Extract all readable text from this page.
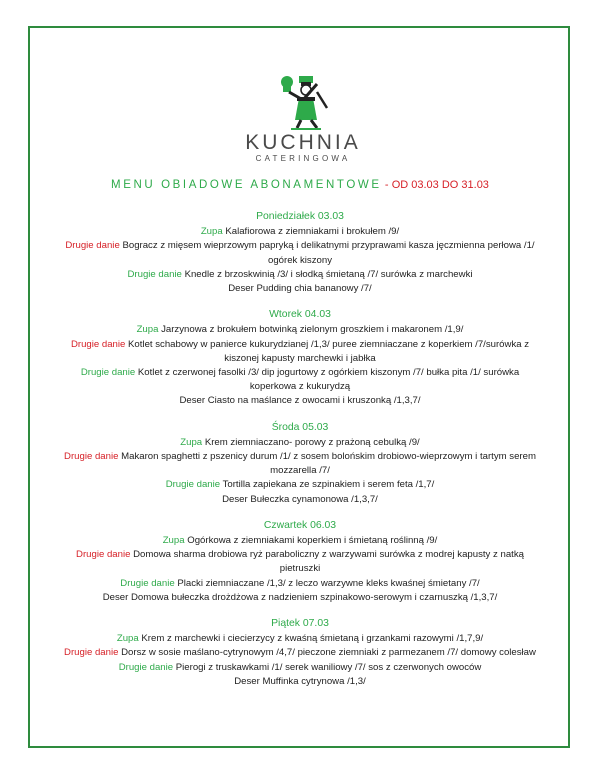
KUCHNIA
CATERINGOWA
MENU OBIADOWE ABONAMENTOWE - OD 03.03 DO 31.03
Poniedziałek 03.03
Zupa Kalafiorowa z ziemniakami i brokułem /9/
Drugie danie Bogracz z mięsem wieprzowym papryką i delikatnymi przyprawami kasza jęczmienna perłowa /1/ ogórek kiszony
Drugie danie Knedle z brzoskwinią /3/ i słodką śmietaną /7/ surówka z marchewki
Deser Pudding chia bananowy /7/
Wtorek 04.03
Zupa Jarzynowa z brokułem botwinką zielonym groszkiem i makaronem /1,9/
Drugie danie Kotlet schabowy w panierce kukurydzianej /1,3/ puree ziemniaczane z koperkiem /7/surówka z kiszonej kapusty marchewki i jabłka
Drugie danie Kotlet z czerwonej fasolki /3/ dip jogurtowy z ogórkiem kiszonym /7/ bułka pita /1/ surówka koperkowa z kukurydzą
Deser Ciasto na maślance z owocami i kruszonką /1,3,7/
Środa 05.03
Zupa Krem ziemniaczano- porowy z prażoną cebulką /9/
Drugie danie Makaron spaghetti z pszenicy durum /1/ z sosem bolońskim drobiowo-wieprzowym i tartym serem mozzarella /7/
Drugie danie Tortilla zapiekana ze szpinakiem i serem feta /1,7/
Deser Bułeczka cynamonowa /1,3,7/
Czwartek 06.03
Zupa Ogórkowa z ziemniakami koperkiem i śmietaną roślinną /9/
Drugie danie Domowa sharma drobiowa ryż paraboliczny z warzywami surówka z modrej kapusty z natką pietruszki
Drugie danie Placki ziemniaczane /1,3/ z leczo warzywne kleks kwaśnej śmietany /7/
Deser Domowa bułeczka drożdżowa z nadzieniem szpinakowo-serowym i czarnuszką /1,3,7/
Piątek 07.03
Zupa Krem z marchewki i ciecierzycy z kwaśną śmietaną i grzankami razowymi /1,7,9/
Drugie danie Dorsz w sosie maślano-cytrynowym /4,7/ pieczone ziemniaki z parmezanem /7/ domowy colesław
Drugie danie Pierogi z truskawkami /1/ serek waniliowy /7/ sos z czerwonych owoców
Deser Muffinka cytrynowa /1,3/
